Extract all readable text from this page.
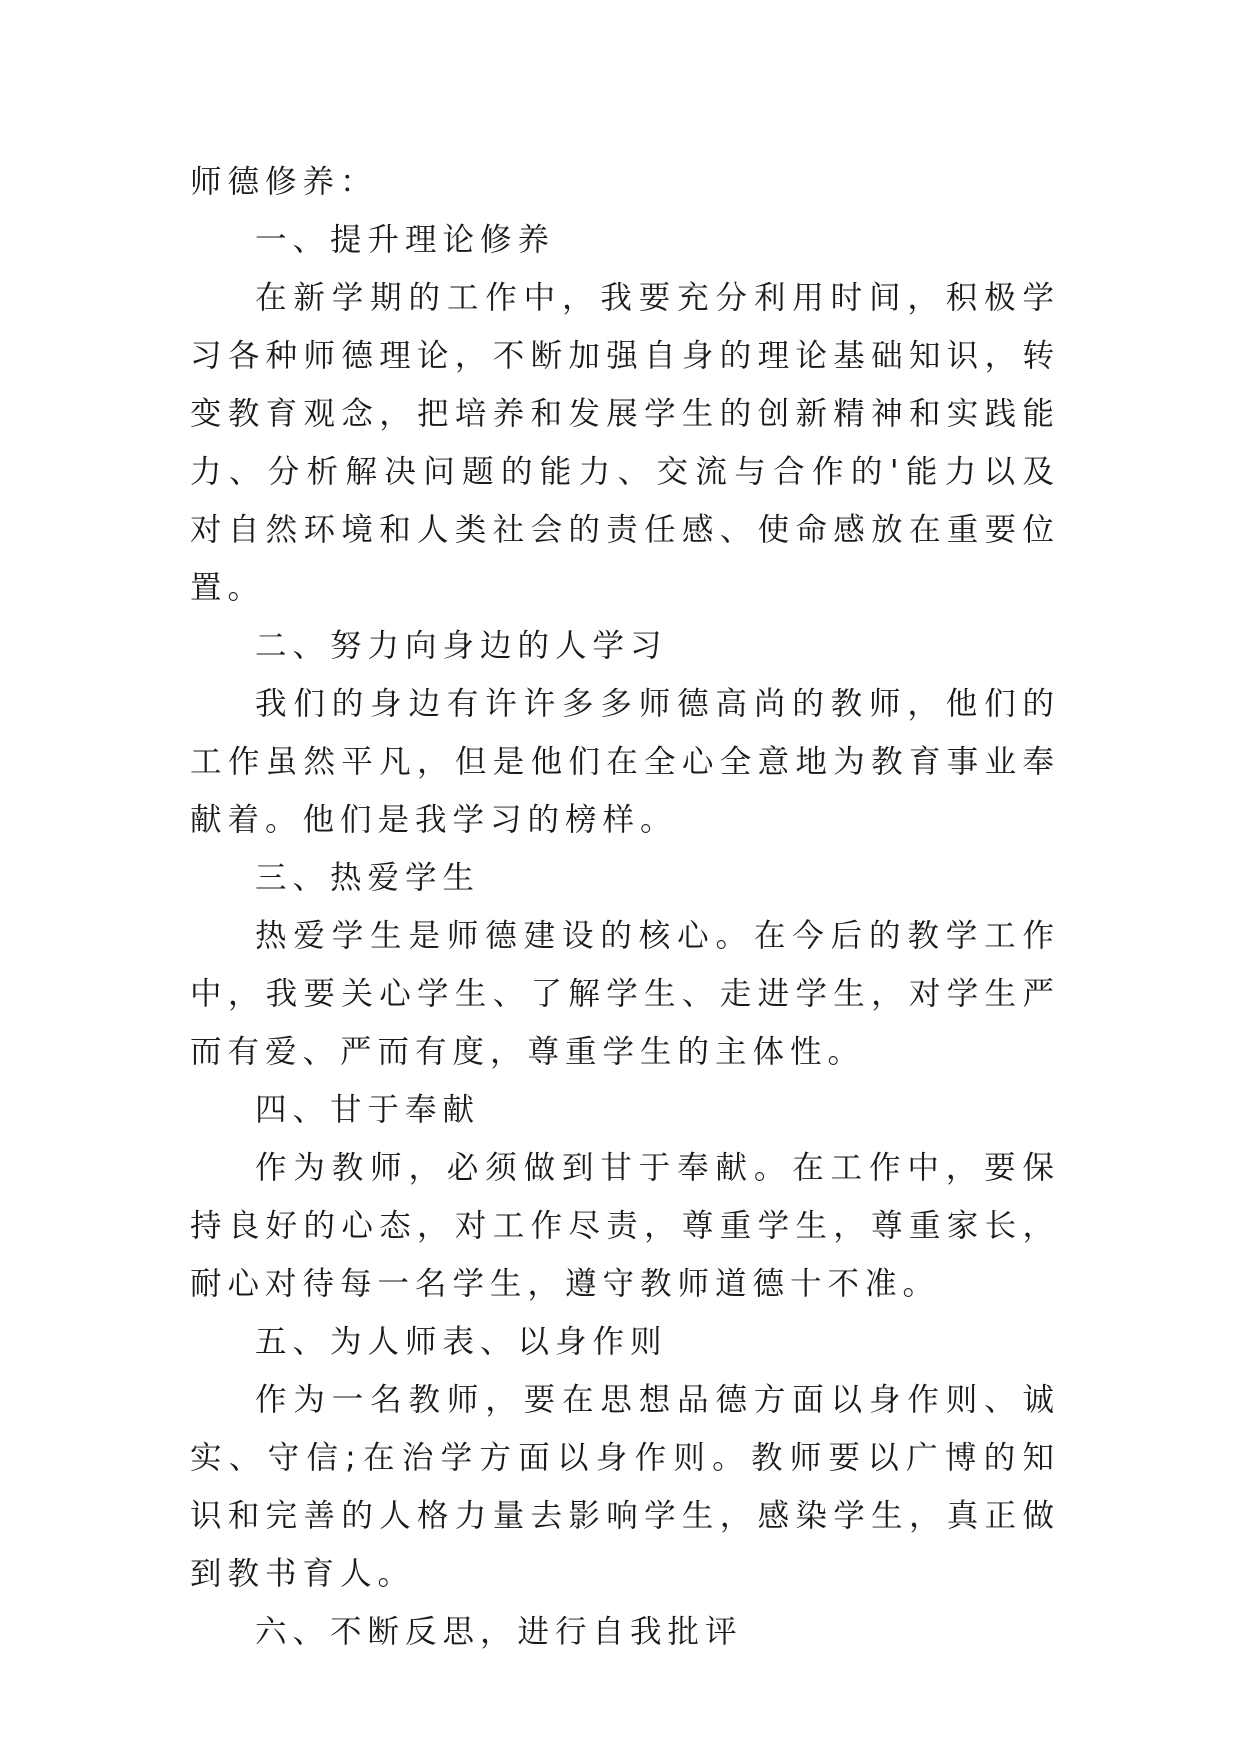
师德修养：

一、提升理论修养

在新学期的工作中，我要充分利用时间，积极学习各种师德理论，不断加强自身的理论基础知识，转变教育观念，把培养和发展学生的创新精神和实践能力、分析解决问题的能力、交流与合作的'能力以及对自然环境和人类社会的责任感、使命感放在重要位置。

二、努力向身边的人学习

我们的身边有许许多多师德高尚的教师，他们的工作虽然平凡，但是他们在全心全意地为教育事业奉献着。他们是我学习的榜样。

三、热爱学生

热爱学生是师德建设的核心。在今后的教学工作中，我要关心学生、了解学生、走进学生，对学生严而有爱、严而有度，尊重学生的主体性。

四、甘于奉献

作为教师，必须做到甘于奉献。在工作中，要保持良好的心态，对工作尽责，尊重学生，尊重家长，耐心对待每一名学生，遵守教师道德十不准。

五、为人师表、以身作则

作为一名教师，要在思想品德方面以身作则、诚实、守信;在治学方面以身作则。教师要以广博的知识和完善的人格力量去影响学生，感染学生，真正做到教书育人。

六、不断反思，进行自我批评
